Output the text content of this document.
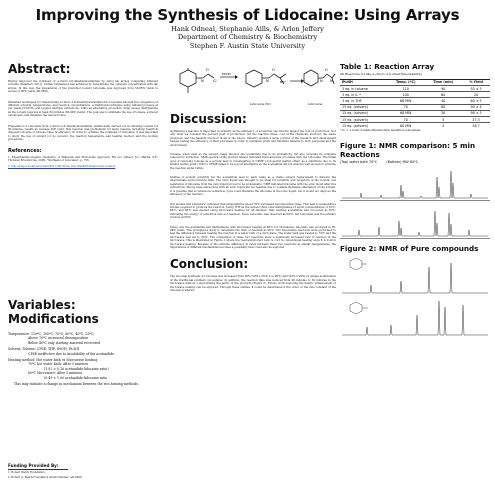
Improving the Synthesis of Lidocaine: Using Arrays
Hank Odneal, Stephanie Aills, & Arlen Jeffery
Department of Chemistry & Biochemistry
Stephen F. Austin State University
Abstract:

Having improved the synthesis of α-chloro-2,6-dimethylacetanilide by using lab arrays comparing different solvents (Taladrero 2011), further refinement was achieved by determining the optimum concentration with lab arrays. In this way, the preparation of the precursor toward Lidocaine was improved from 50-66% yields to excess of 90% yields (90-96%).

Published techniques for transforming α-chloro-2,6-dimethylacetanilide into Lidocaine allowed the comparison of different solvents, temperatures, and reaction concentrations. A traditional technique using refluxing toluene at low yields (53-65%) and require multiple extractions; while an alternative procedure using excess diethylamine as the solvent requires at least 80 minutes (80-90% yields). The goal was to eliminate the use of toluene, a known carcinogen, and minimize the reaction time.

Preparation of Lidocaine from α-chloro-2,6-dimethylacetanilide, traditionally carried out in refluxing toluene for 90 minutes, results an average 50% yield. This reaction was problematic for many reasons, including: health & disposal concerns of toluene, time, & efficiency. In order to optimize the synthesis of Lidocaine, it was important to study the use of solvent (or no solvent), the reaction temperature and heating method, and the workup procedures.

References:

1. Experimental Organic Chemistry: A Miniscale and Microscale Approach. 5th ed.; Gilbert, J.C.; Martin, S.F.; Thomson Brooks/Cole, 2009; "Synthesis of Lidocaine", p. 755.

2. http://pages.stolaf.edu/chem/2011/36/10/use_lido.htm#89ChemNote/docaine-9

Variables: Modifications

Temperature: 110ºC; 100ºC; 70ºC; 60ºC; 40ºC; 55ºC;

Above 70ºC increased decomposition

Below 40ºC only starting material recovered

Solvent: Toluene, CP6E; THF, iPrOH, Et₂NH

CP6E ineffective due to insolubility of the acetanilide.

Heating method: Hot water bath vs Microwave heating

70ºC hot water bath: After 5 minutes

(1.92 ± 0.16 acetanilide:lidocaine ratio)

60ºC Microwave: After 5 minutes

(0.49 ± 1.00 acetanilide:lidocaine ratio

This may indicate a change in mechanism between the two heating methods.

Funding Provided By:

1. Robert Welch Foundation

2. Robert A. Welch Foundation Grant Number: AN-0008

N
O
Cl
Et₂NH
N
O
NH⁺
Lidocaine HCl
→	N
O
N
Lidocaine
Discussion:

Optimizing a reaction is important in industry as the efficiency of a reaction can directly impact the cost of production. Not only must we consider the percent yield of production, but the reaction times, cost of the chemicals involved, the waste produced, and the hazards involved in all of the above. Industry spends a large portion of the research and development budget testing the efficiency of their processes in order to maximize profit and minimize hazards to both personnel and the environment.

Toluene, when used as the solvent, helps dissolve the acetanilide due to its aromaticity, but also prevents its complete removal by extraction. NMR spectra of the product always indicated trace amounts of toluene with the Lidocaine. The initial goal of removing toluene as a solvent lead to investigating of CPME (cyclopentyl methyl ether) as a substitute due to its similar boiling point (106ºC). CPME failed to be a good alternative as the acetanilide did not dissolve well enough to promote the reaction under reflux.

Studies of solvent solubility for the acetanilide lead to tests using as a viable solvent replacement to dissolve the intermediate hydrochloride salts. The ionic liquid was thought to be ideal for solubility and recapture of the solvent, but separation of lidocaine from the ionic liquid proved to be problematic. NMR indicated lidocaine with the ionic liquid after five extractions. Strong base extractions with an ionic liquid are not feasible due to possible Hofmann elimination of the solvent. It is possible that a continuous extraction cycle could minimize the lidocaine in the ionic liquid, but it would not improve the efficiency of the reaction.

Our studies and Literature² indicated that temperatures above 70ºC increased decomposition rates. This lead to temperature studies required to promote the reaction. Using THF as the solvent (3mL) and diethylamine (3 equiv.) temperatures of 55ºC, 60ºC, and 68ºC was studied using microwave heating for 40 minutes. Only starting acetanilide was recovered at 55ºC, indicating the energy of activation was not reached. Trace Lidocaine was observed at 60ºC, but Lidocaine was the primary product at 68ºC.

Using only the acetanilide and diethylamine with microwave heating at 68ºC for 30 minutes, lidocaine was produced in 95-99% yields. This prompted a study to determine the ratio of reactant at 40ºC. Two five-minute reactions were performed to test the difference between heating the reaction in a water bath or a microwave. The water bath was heated to 70ºC and the microwave was set to 60ºC. The comparison of these two reactions show a significant increased rate of reaction in the microwave. This is illustrated in Figure 1 where the reactant/product ratio is 1.92 in conventional heating were it is 0.49 in microwave heating. Because of the extreme difference in rates between these two reactions at similar temperatures, the implications of different mechanisms becomes a possibility that could also be explored.

Conclusion:

The two-step synthesis of Lidocaine was increased from 30% (50% x 33%) to a 90% yield (93% x 98%) by simple modification of the traditional synthetic procedures. In addition, the reaction time was reduced from 90 minutes to 30 minutes in the microwave without compromising the purity of the products (Figure 2). Future work exploring the kinetic enhancement of microwave heating can be explored. Through these studies, it could be determined if the order or the rate constant of the rate law is altered.

Table 1: Reaction Array

All Reactions 0.104g α-chloro-2,6-dimethylacetanilide

Et₂NH	Temp. (ºC)	Time (min)	% Yield
3 eq. in toluene	110	90	55 ± 3
3 eq. in IL *	100	60	20
3 eq. in THF	68 MW	40	60 ± 5
15 eq. (solvent)	70	60	90 ± 4
15 eq. (solvent)	68 MW	30	98 ± 3
15 eq. (solvent)	70	5	27.3
15 eq. (solvent)	60 MW	5	56.7

* IL = 1-butyl-3-methylimidazolium hexafluorophosphate

Figure 1: NMR comparison: 5 min Reactions
(Top) water bath 70ºC	(Bottom) MW 60ºC
Figure 2: NMR of Pure compounds
